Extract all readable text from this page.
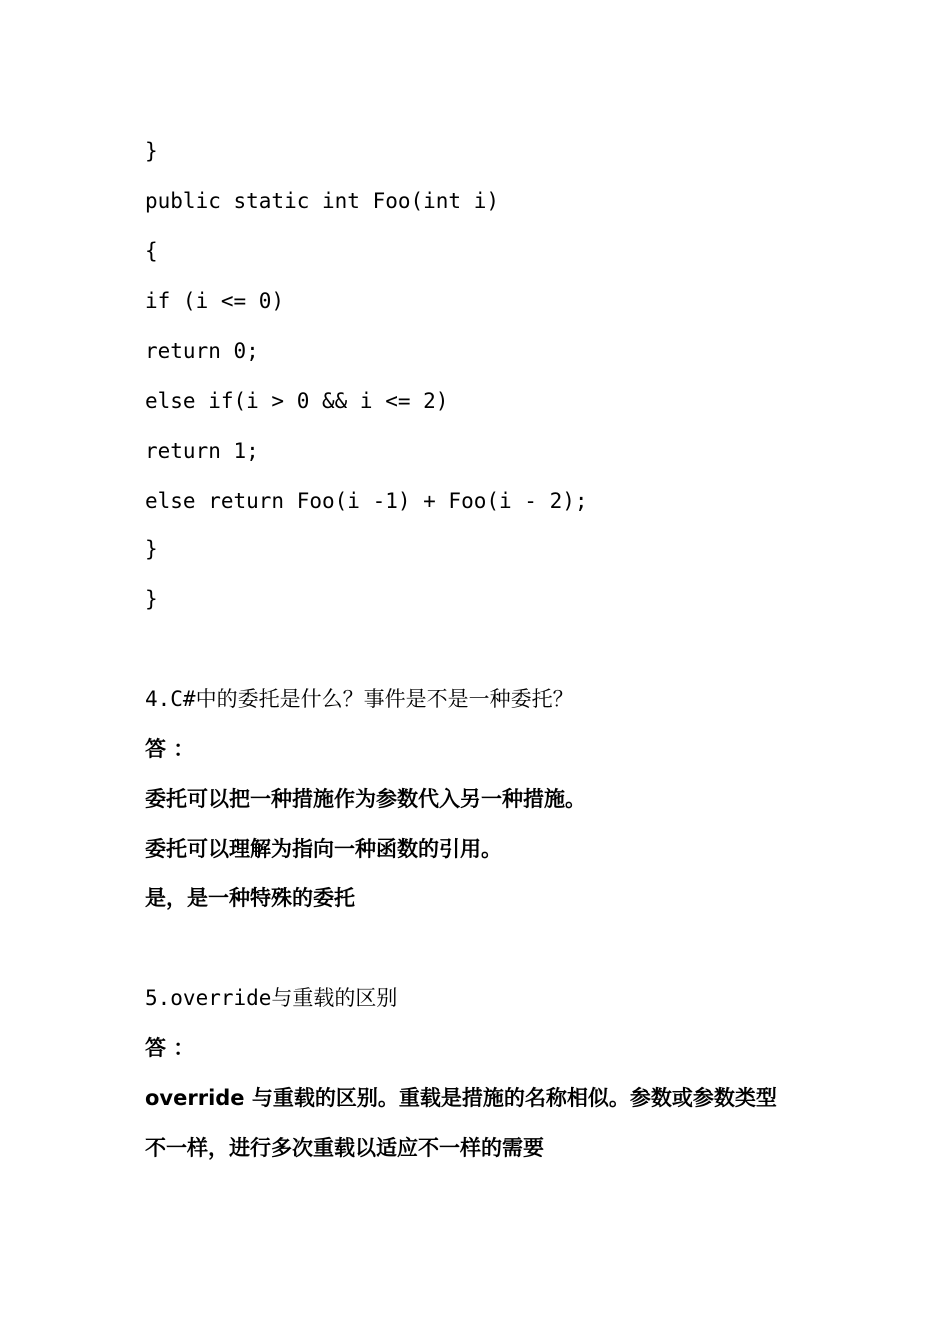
}

public static int Foo(int i)

{

if (i <= 0)

return 0;

else if(i > 0 && i <= 2)

return 1;

else return Foo(i -1) + Foo(i - 2);

}

}

4.C#中的委托是什么？事件是不是一种委托？

答 ：

委托可以把一种措施作为参数代入另一种措施。

委托可以理解为指向一种函数的引用。

是，是一种特殊的委托

5.override与重载的区别

答 ：

override 与重载的区别。重载是措施的名称相似。参数或参数类型

不一样，进行多次重载以适应不一样的需要
